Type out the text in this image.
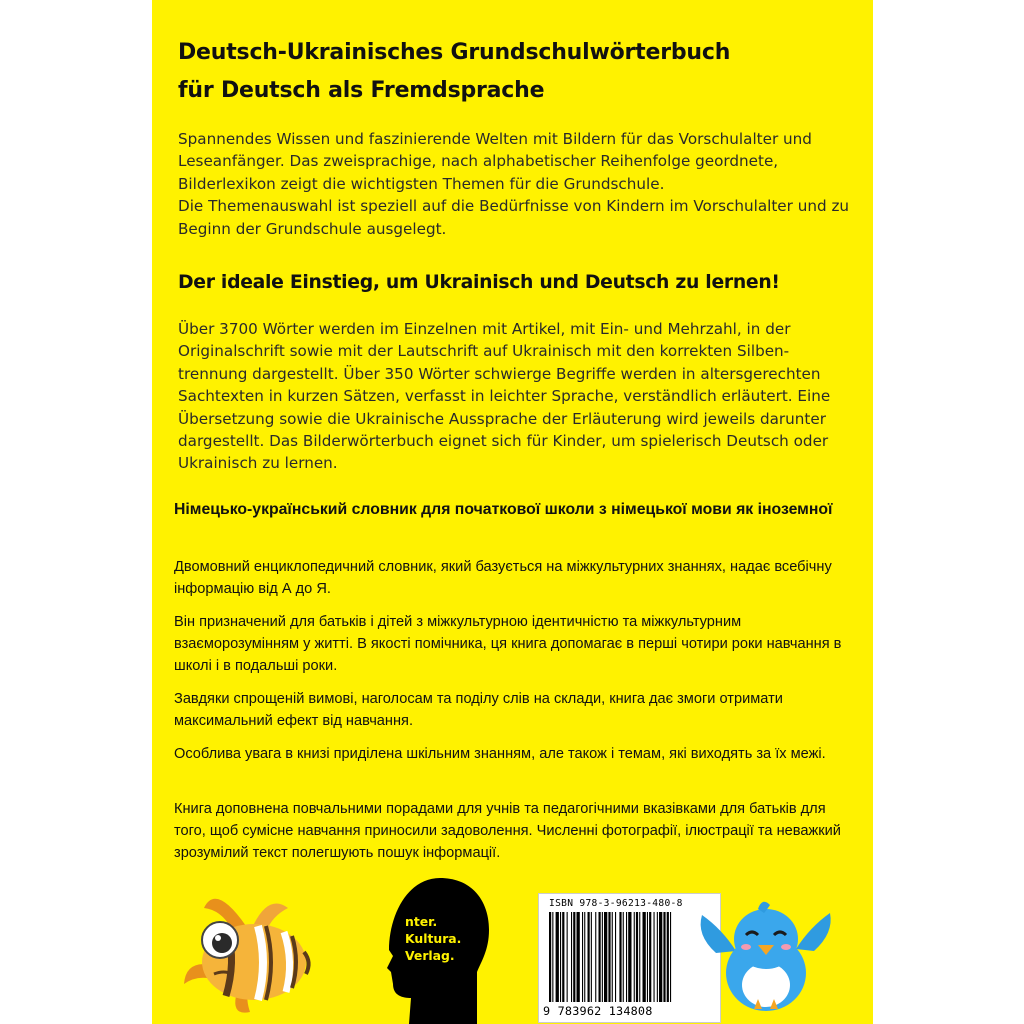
Deutsch-Ukrainisches Grundschulwörterbuch
für Deutsch als Fremdsprache

Spannendes Wissen und faszinierende Welten mit Bildern für das Vorschulalter und Leseanfänger. Das zweisprachige, nach alphabetischer Reihenfolge geordnete, Bilderlexikon zeigt die wichtigsten Themen für die Grundschule.
Die Themenauswahl ist speziell auf die Bedürfnisse von Kindern im Vorschulalter und zu Beginn der Grundschule ausgelegt.

Der ideale Einstieg, um Ukrainisch und Deutsch zu lernen!

Über 3700 Wörter werden im Einzelnen mit Artikel, mit Ein- und Mehrzahl, in der Originalschrift sowie mit der Lautschrift auf Ukrainisch mit den korrekten Silben-trennung dargestellt. Über 350 Wörter schwierge Begriffe werden in altersgerechten Sachtexten in kurzen Sätzen, verfasst in leichter Sprache, verständlich erläutert. Eine Übersetzung sowie die Ukrainische Aussprache der Erläuterung wird jeweils darunter dargestellt. Das Bilderwörterbuch eignet sich für Kinder, um spielerisch Deutsch oder Ukrainisch zu lernen.

Німецько-український словник для початкової школи з німецької мови як іноземної

Двомовний енциклопедичний словник, який базується на міжкультурних знаннях, надає всебічну інформацію від А до Я.

Він призначений для батьків і дітей з міжкультурною ідентичністю та міжкультурним взаєморозумінням у житті. В якості помічника, ця книга допомагає в перші чотири роки навчання в школі і в подальші роки.

Завдяки спрощеній вимові, наголосам та поділу слів на склади, книга дає змоги отримати максимальний ефект від навчання.

Особлива увага в книзі приділена шкільним знанням, але також і темам, які виходять за їх межі.

Книга доповнена повчальними порадами для учнів та педагогічними вказівками для батьків для того, щоб сумісне навчання приносили задоволення. Численні фотографії, ілюстрації та неважкий зрозумілий текст полегшують пошук інформації.

nter.
Kultura.
Verlag.
ISBN 978-3-96213-480-8
9 783962 134808
